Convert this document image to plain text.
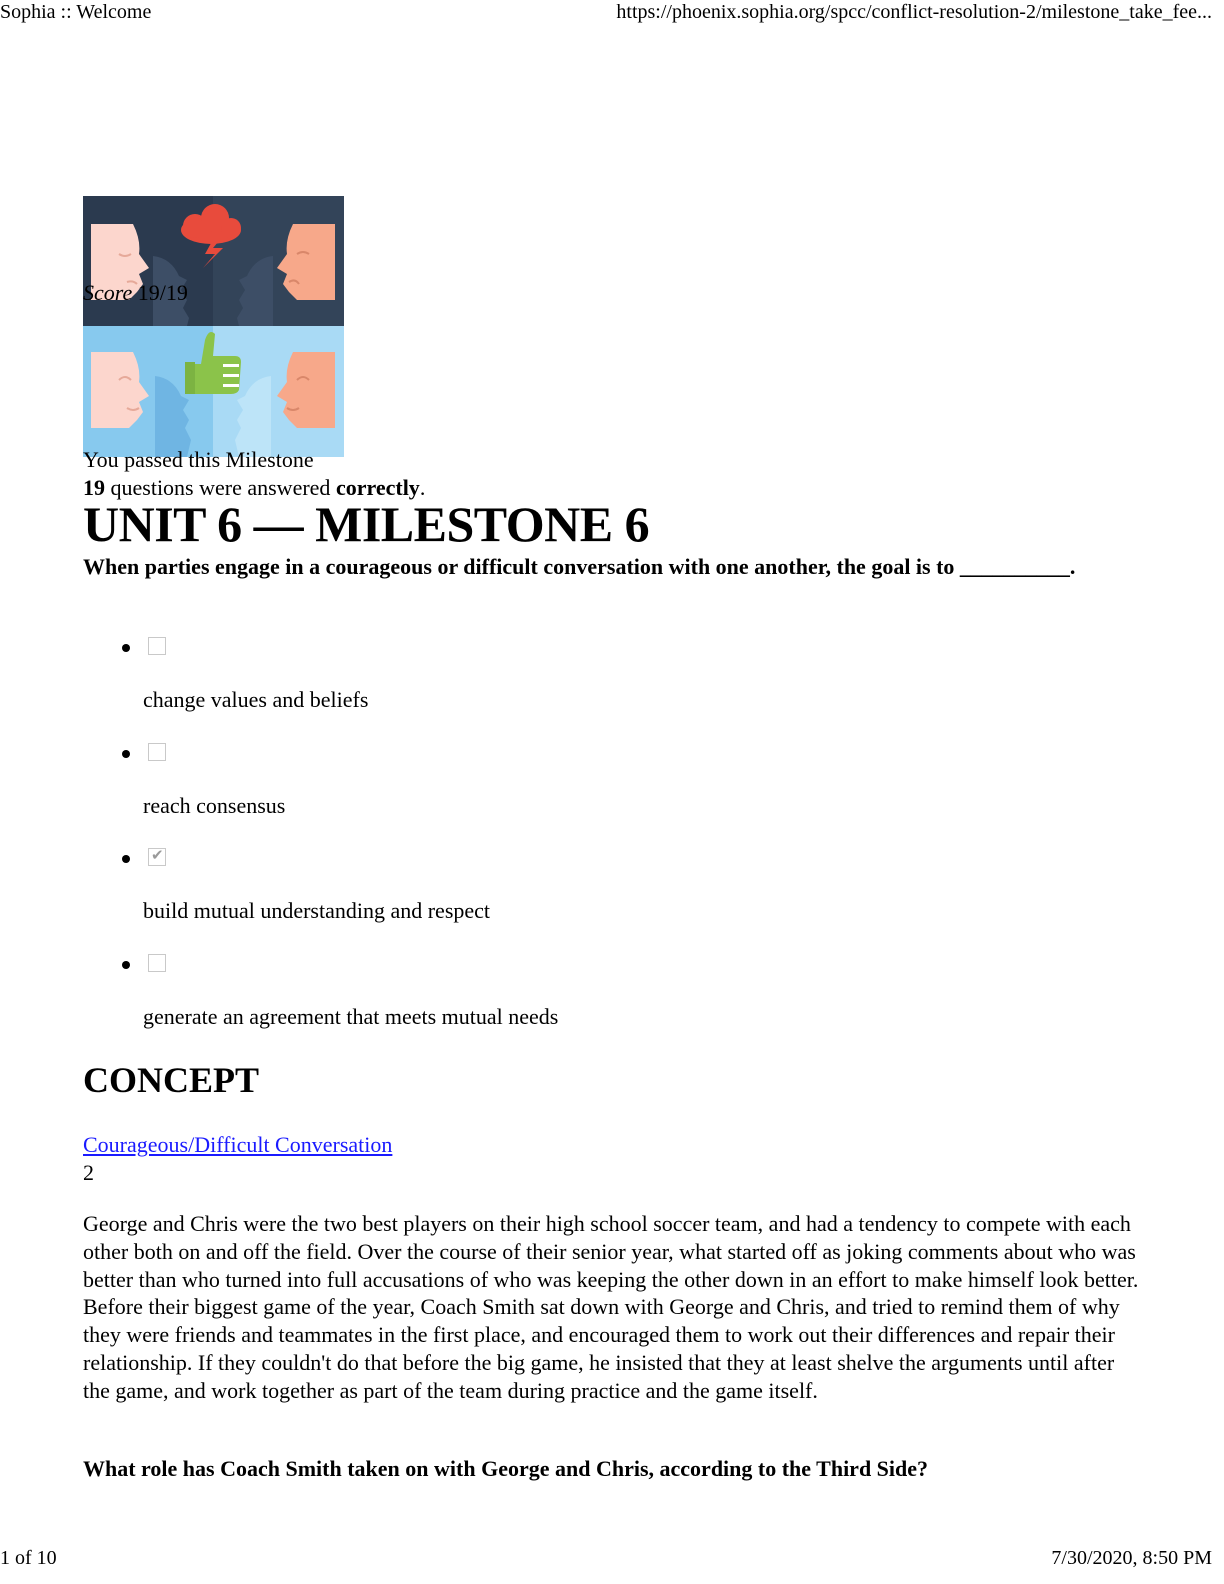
Sophia :: Welcome	https://phoenix.sophia.org/spcc/conflict-resolution-2/milestone_take_fee...
Score 19/19
You passed this Milestone
19 questions were answered correctly.
UNIT 6 — MILESTONE 6

When parties engage in a courageous or difficult conversation with one another, the goal is to __________.

change values and beliefs
reach consensus
✔
build mutual understanding and respect
generate an agreement that meets mutual needs
CONCEPT
Courageous/Difficult Conversation
2

George and Chris were the two best players on their high school soccer team, and had a tendency to compete with each other both on and off the field. Over the course of their senior year, what started off as joking comments about who was better than who turned into full accusations of who was keeping the other down in an effort to make himself look better. Before their biggest game of the year, Coach Smith sat down with George and Chris, and tried to remind them of why they were friends and teammates in the first place, and encouraged them to work out their differences and repair their relationship. If they couldn't do that before the big game, he insisted that they at least shelve the arguments until after the game, and work together as part of the team during practice and the game itself.

What role has Coach Smith taken on with George and Chris, according to the Third Side?

1 of 10	7/30/2020, 8:50 PM
